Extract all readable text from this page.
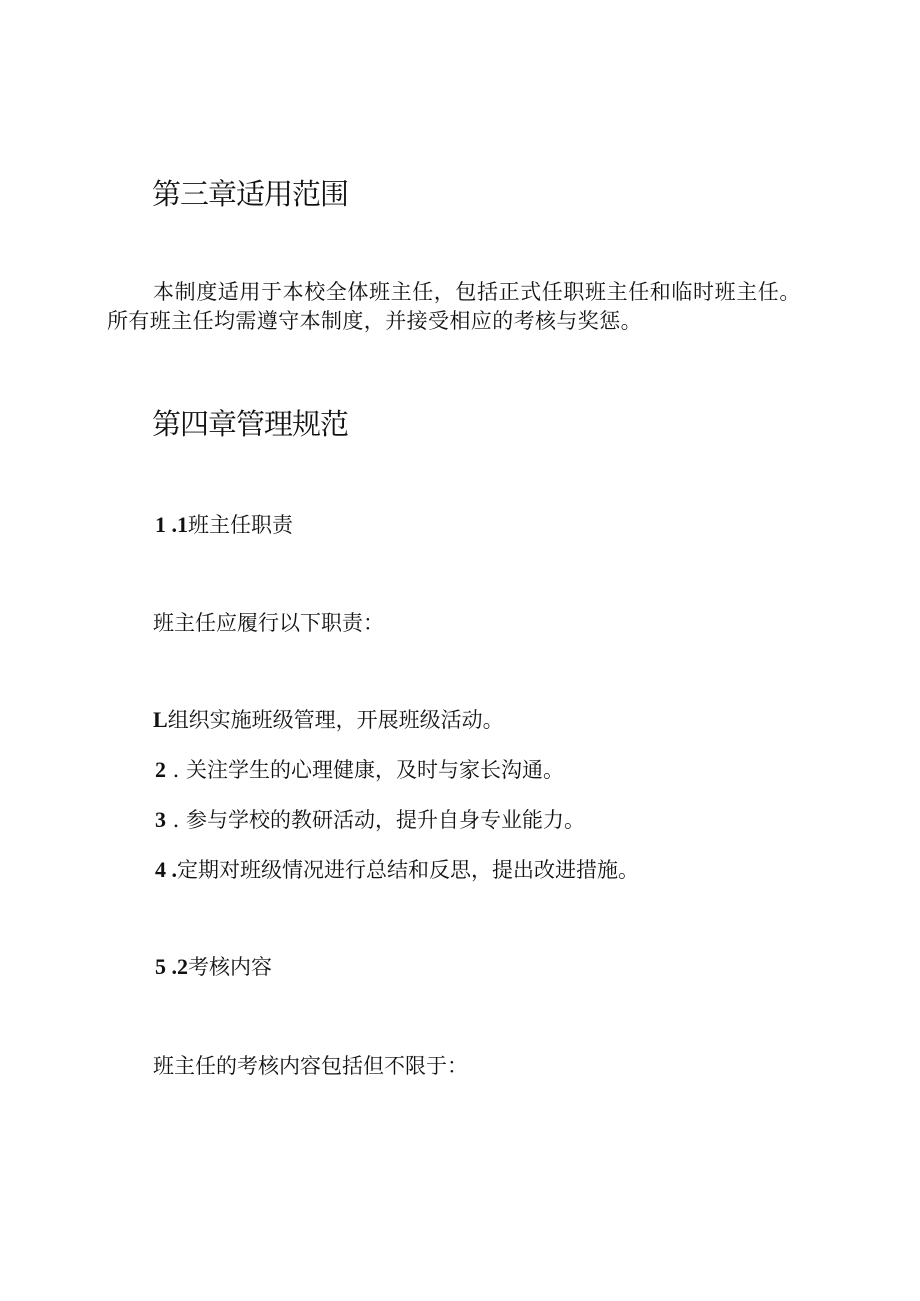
第三章适用范围
本制度适用于本校全体班主任，包括正式任职班主任和临时班主任。
所有班主任均需遵守本制度，并接受相应的考核与奖惩。
第四章管理规范
1 .1班主任职责
班主任应履行以下职责：
L组织实施班级管理，开展班级活动。
2 . 关注学生的心理健康，及时与家长沟通。
3 . 参与学校的教研活动，提升自身专业能力。
4 .定期对班级情况进行总结和反思，提出改进措施。
5 .2考核内容
班主任的考核内容包括但不限于：
